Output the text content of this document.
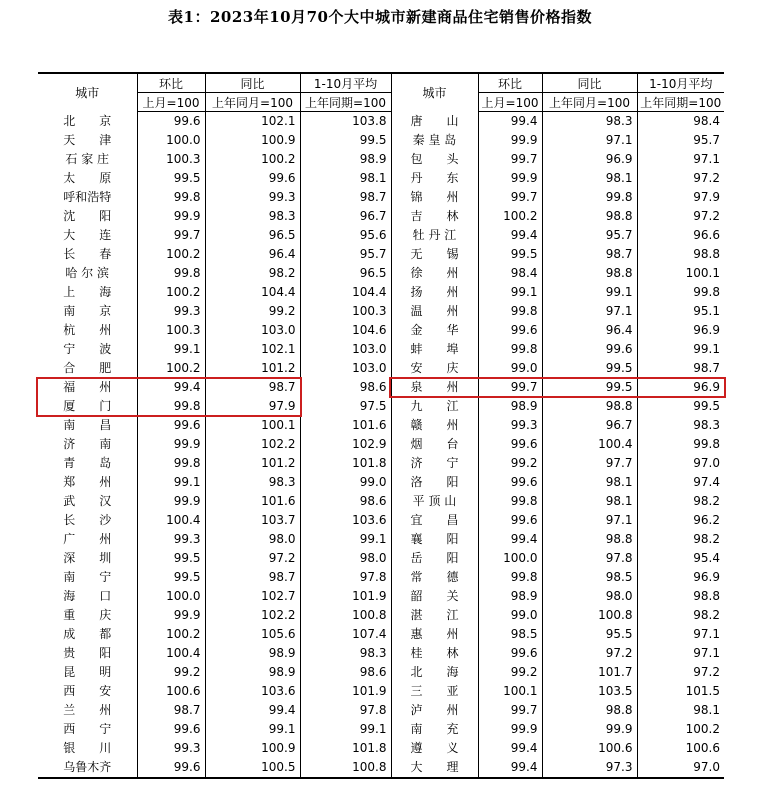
表1：2023年10月70个大中城市新建商品住宅销售价格指数
城市	环比	同比	1-10月平均	城市	环比	同比	1-10月平均
	上月=100	上年同月=100	上年同期=100		上月=100	上年同月=100	上年同期=100
北　　京	99.6	102.1	103.8	唐　　山	99.4	98.3	98.4
天　　津	100.0	100.9	99.5	秦 皇 岛	99.9	97.1	95.7
石 家 庄	100.3	100.2	98.9	包　　头	99.7	96.9	97.1
太　　原	99.5	99.6	98.1	丹　　东	99.9	98.1	97.2
呼和浩特	99.8	99.3	98.7	锦　　州	99.7	99.8	97.9
沈　　阳	99.9	98.3	96.7	吉　　林	100.2	98.8	97.2
大　　连	99.7	96.5	95.6	牡 丹 江	99.4	95.7	96.6
长　　春	100.2	96.4	95.7	无　　锡	99.5	98.7	98.8
哈 尔 滨	99.8	98.2	96.5	徐　　州	98.4	98.8	100.1
上　　海	100.2	104.4	104.4	扬　　州	99.1	99.1	99.8
南　　京	99.3	99.2	100.3	温　　州	99.8	97.1	95.1
杭　　州	100.3	103.0	104.6	金　　华	99.6	96.4	96.9
宁　　波	99.1	102.1	103.0	蚌　　埠	99.8	99.6	99.1
合　　肥	100.2	101.2	103.0	安　　庆	99.0	99.5	98.7
福　　州	99.4	98.7	98.6	泉　　州	99.7	99.5	96.9
厦　　门	99.8	97.9	97.5	九　　江	98.9	98.8	99.5
南　　昌	99.6	100.1	101.6	赣　　州	99.3	96.7	98.3
济　　南	99.9	102.2	102.9	烟　　台	99.6	100.4	99.8
青　　岛	99.8	101.2	101.8	济　　宁	99.2	97.7	97.0
郑　　州	99.1	98.3	99.0	洛　　阳	99.6	98.1	97.4
武　　汉	99.9	101.6	98.6	平 顶 山	99.8	98.1	98.2
长　　沙	100.4	103.7	103.6	宜　　昌	99.6	97.1	96.2
广　　州	99.3	98.0	99.1	襄　　阳	99.4	98.8	98.2
深　　圳	99.5	97.2	98.0	岳　　阳	100.0	97.8	95.4
南　　宁	99.5	98.7	97.8	常　　德	99.8	98.5	96.9
海　　口	100.0	102.7	101.9	韶　　关	98.9	98.0	98.8
重　　庆	99.9	102.2	100.8	湛　　江	99.0	100.8	98.2
成　　都	100.2	105.6	107.4	惠　　州	98.5	95.5	97.1
贵　　阳	100.4	98.9	98.3	桂　　林	99.6	97.2	97.1
昆　　明	99.2	98.9	98.6	北　　海	99.2	101.7	97.2
西　　安	100.6	103.6	101.9	三　　亚	100.1	103.5	101.5
兰　　州	98.7	99.4	97.8	泸　　州	99.7	98.8	98.1
西　　宁	99.6	99.1	99.1	南　　充	99.9	99.9	100.2
银　　川	99.3	100.9	101.8	遵　　义	99.4	100.6	100.6
乌鲁木齐	99.6	100.5	100.8	大　　理	99.4	97.3	97.0
